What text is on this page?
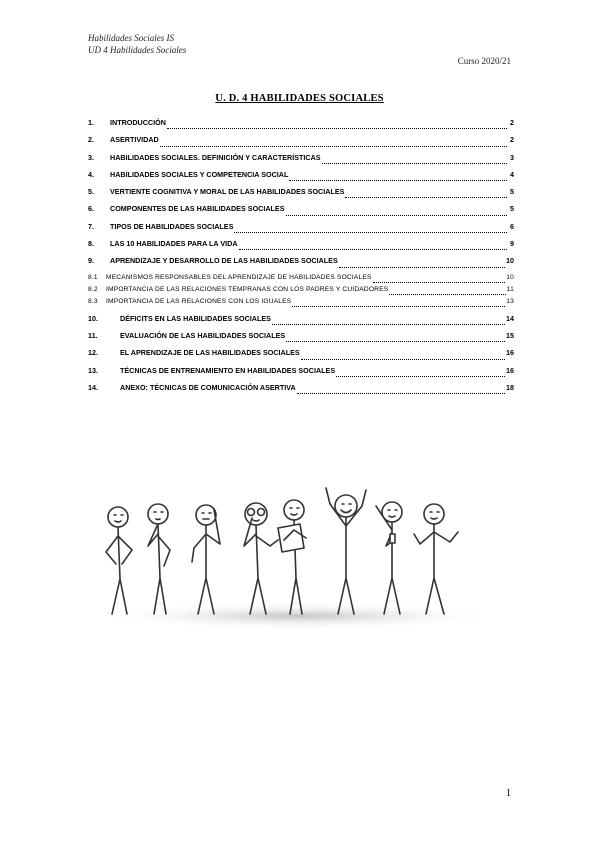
Habilidades Sociales IS
UD 4 Habilidades Sociales
Curso 2020/21
U. D. 4 HABILIDADES SOCIALES
1.	INTRODUCCIÓN	2
2.	ASERTIVIDAD	2
3.	HABILIDADES SOCIALES. DEFINICIÓN Y CARACTERÍSTICAS	3
4.	HABILIDADES SOCIALES Y COMPETENCIA SOCIAL	4
5.	VERTIENTE COGNITIVA Y MORAL DE LAS HABILIDADES SOCIALES	5
6.	COMPONENTES DE LAS HABILIDADES SOCIALES	5
7.	TIPOS DE HABILIDADES SOCIALES	6
8.	LAS 10 HABILIDADES PARA LA VIDA	9
9.	APRENDIZAJE Y DESARROLLO DE LAS HABILIDADES SOCIALES	10
8.1	MECANISMOS RESPONSABLES DEL APRENDIZAJE DE HABILIDADES SOCIALES	10
8.2	IMPORTANCIA DE LAS RELACIONES TEMPRANAS CON LOS PADRES Y CUIDADORES	11
8.3	IMPORTANCIA DE LAS RELACIONES CON LOS IGUALES	13
10.	DÉFICITS EN LAS HABILIDADES SOCIALES	14
11.	EVALUACIÓN DE LAS HABILIDADES SOCIALES	15
12.	EL APRENDIZAJE DE LAS HABILIDADES SOCIALES	16
13.	TÉCNICAS DE ENTRENAMIENTO EN HABILIDADES SOCIALES	16
14.	ANEXO: TÉCNICAS DE COMUNICACIÓN ASERTIVA	18
1
